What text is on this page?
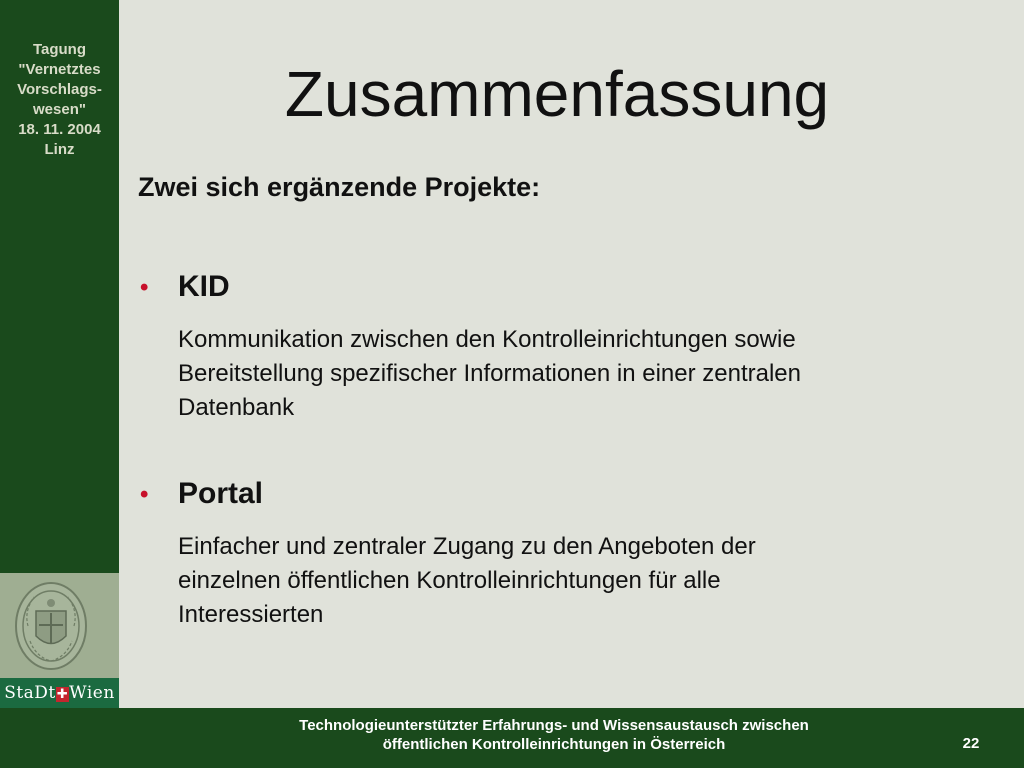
Tagung
"Vernetztes
Vorschlags-
wesen"
18. 11. 2004
Linz
StaDt✚Wien
Zusammenfassung
Zwei sich ergänzende Projekte:
• KID
Kommunikation zwischen den Kontrolleinrichtungen sowie
Bereitstellung spezifischer Informationen in einer zentralen
Datenbank
• Portal
Einfacher und zentraler Zugang zu den Angeboten der
einzelnen öffentlichen Kontrolleinrichtungen für alle
Interessierten
Technologieunterstützter Erfahrungs- und Wissensaustausch zwischen
öffentlichen Kontrolleinrichtungen in Österreich	22
